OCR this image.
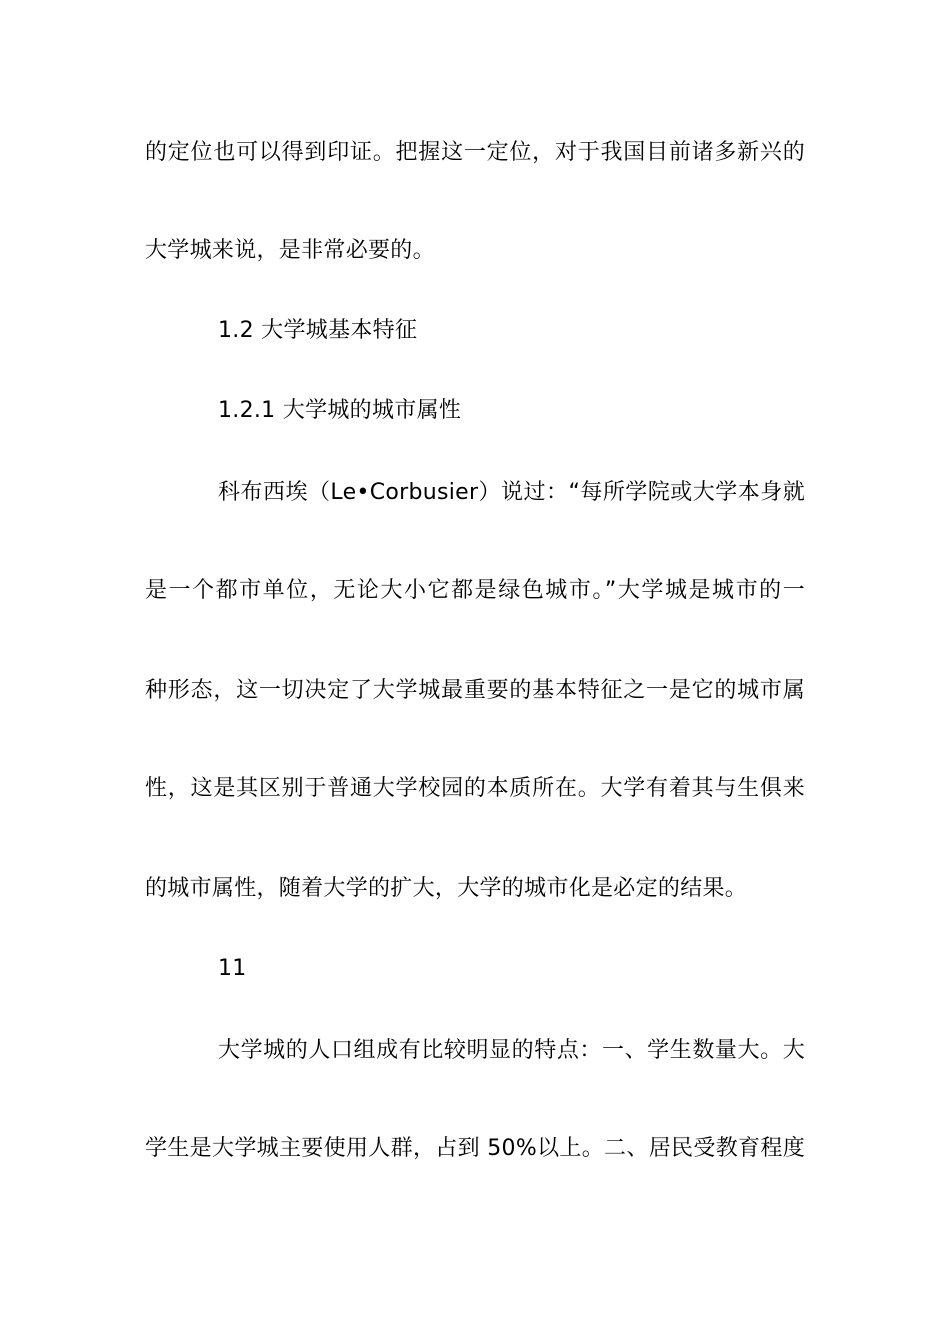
的定位也可以得到印证。把握这一定位，对于我国目前诸多新兴的
大学城来说，是非常必要的。
1.2 大学城基本特征
1.2.1 大学城的城市属性
科布西埃（Le•Corbusier）说过：“每所学院或大学本身就
是一个都市单位，无论大小它都是绿色城市。”大学城是城市的一
种形态，这一切决定了大学城最重要的基本特征之一是它的城市属
性，这是其区别于普通大学校园的本质所在。大学有着其与生俱来
的城市属性，随着大学的扩大，大学的城市化是必定的结果。
11
大学城的人口组成有比较明显的特点：一、学生数量大。大
学生是大学城主要使用人群，占到 50%以上。二、居民受教育程度
